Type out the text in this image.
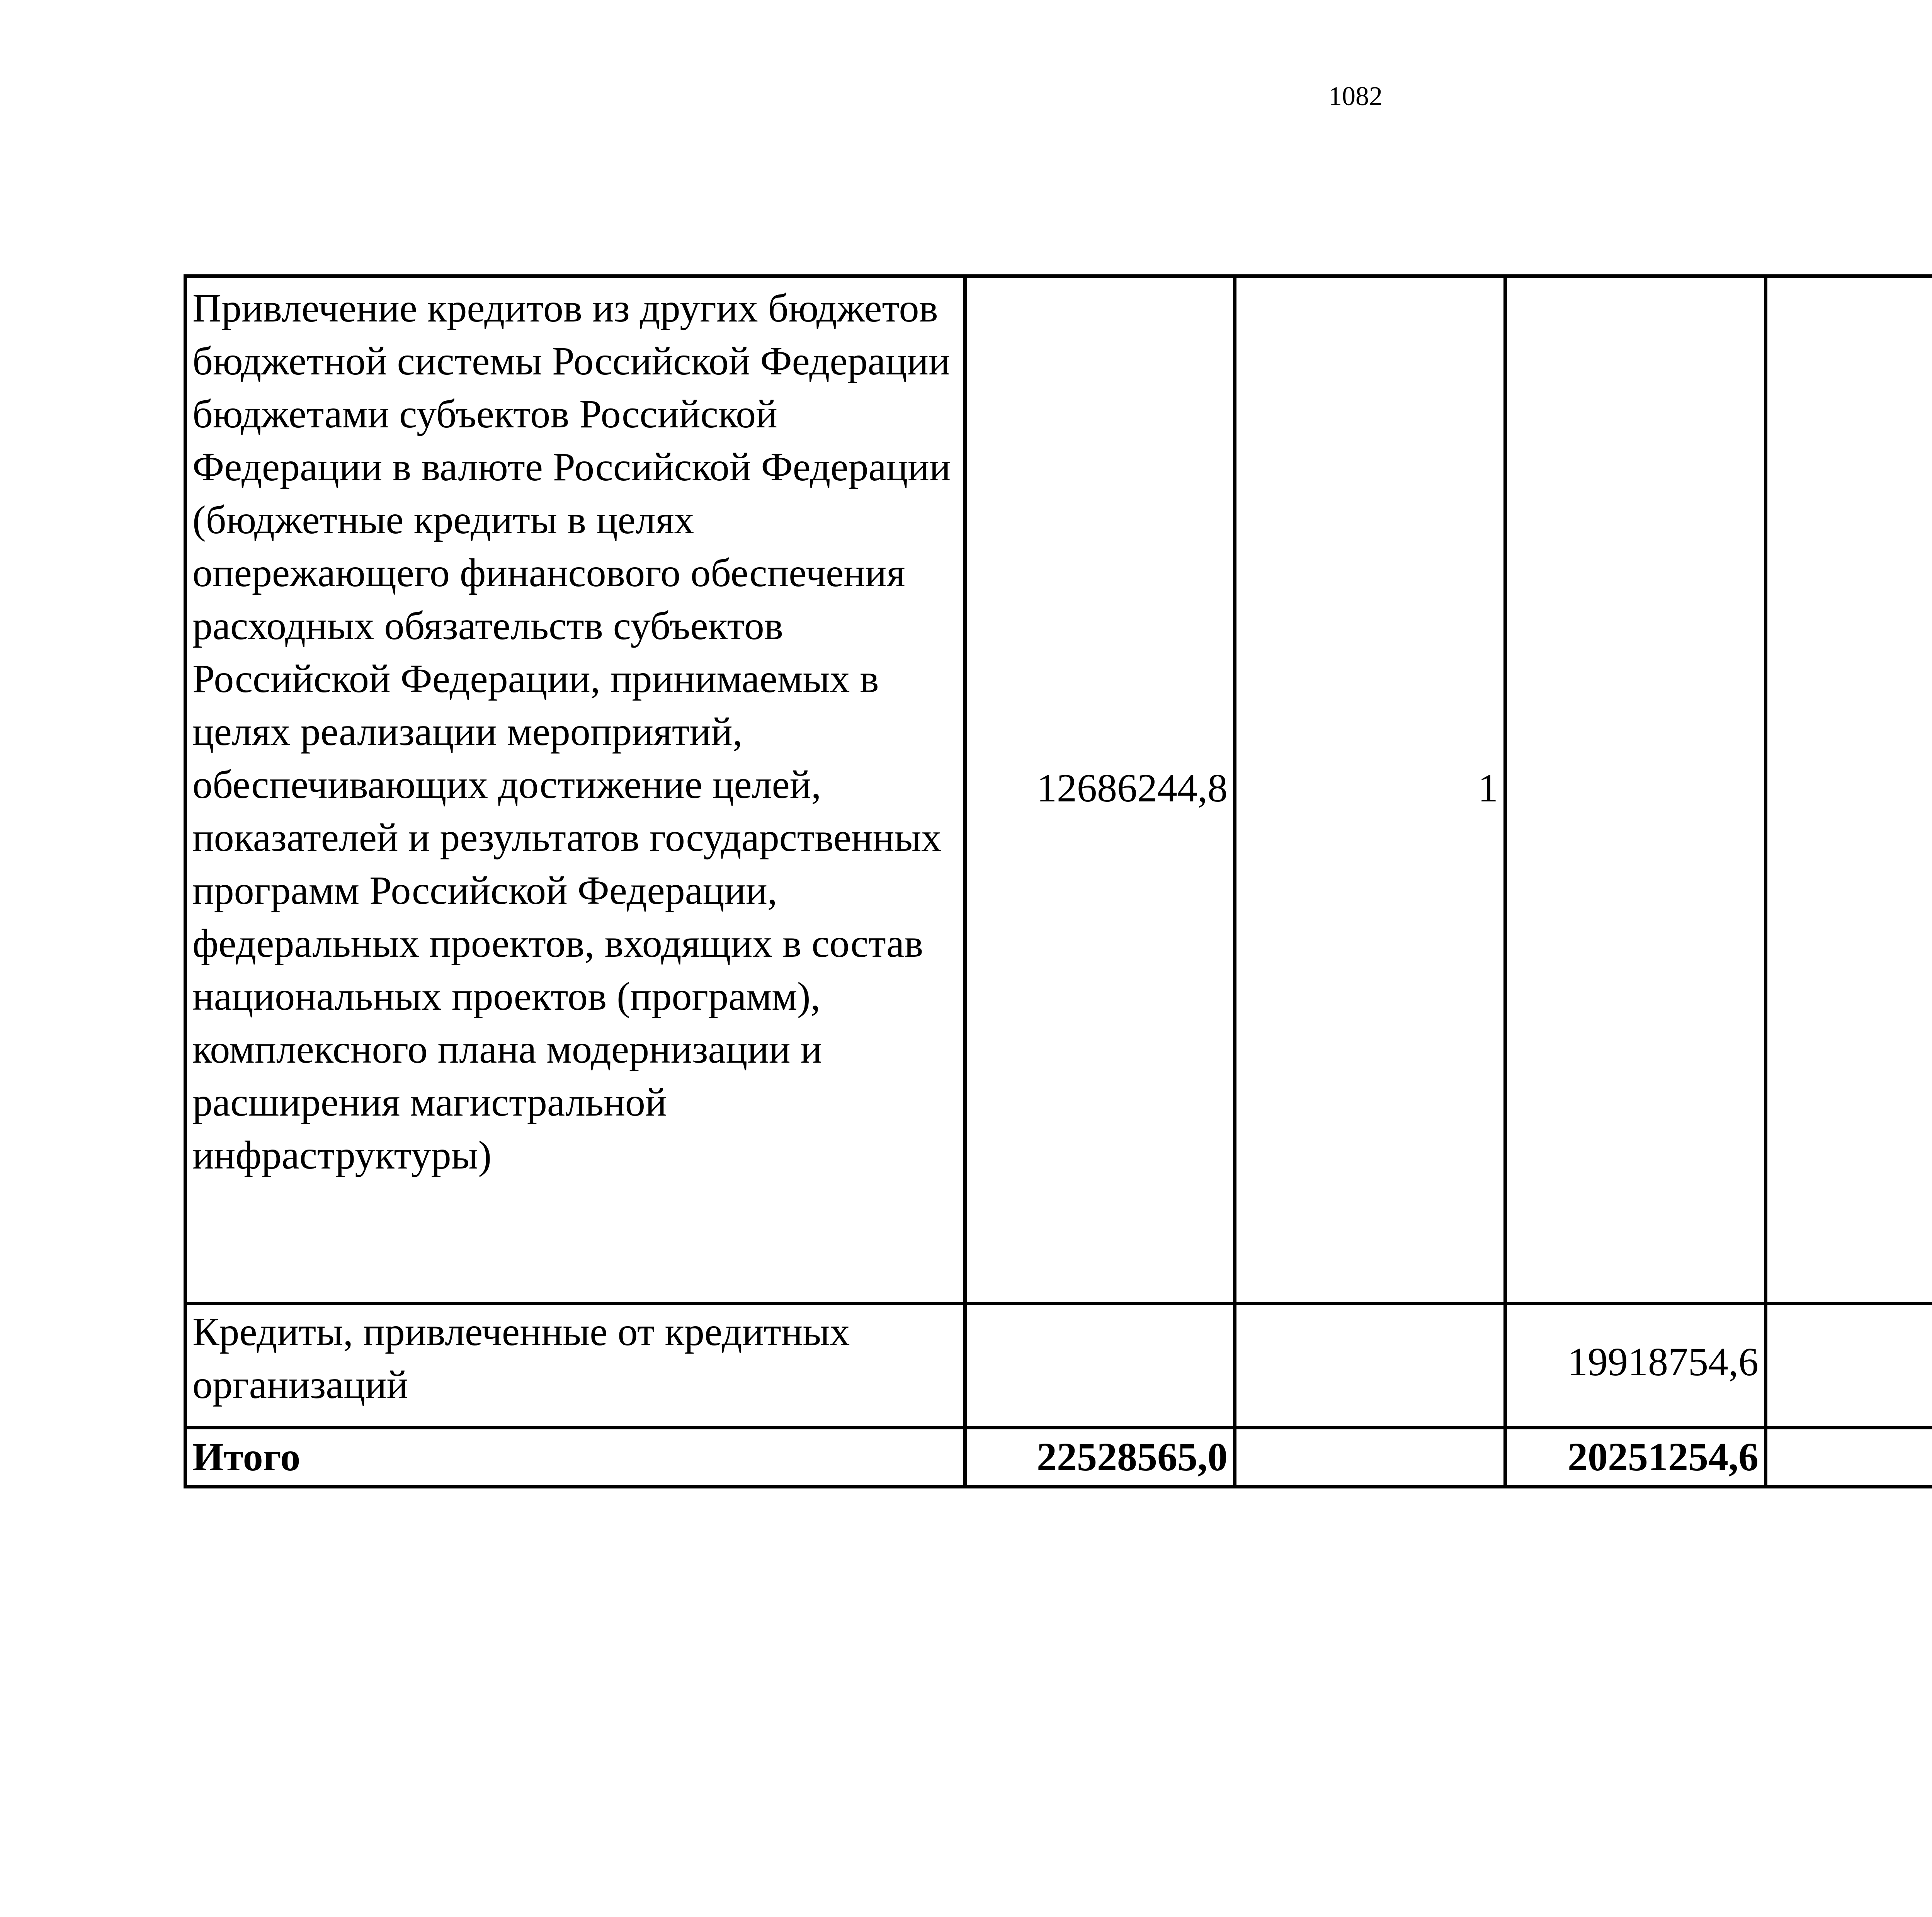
1082
Привлечение кредитов из других бюджетов бюджетной системы Российской Федерации бюджетами субъектов Российской Федерации в валюте Российской Федерации (бюджетные кредиты в целях опережающего финансового обеспечения расходных обязательств субъектов Российской Федерации, принимаемых в целях реализации мероприятий, обеспечивающих достижение целей, показателей и результатов государственных программ Российской Федерации, федеральных проектов, входящих в состав национальных проектов (программ), комплексного плана модернизации и расширения магистральной инфраструктуры)	12686244,8	1				
Кредиты, привлеченные от кредитных организаций			19918754,6			
Итого	22528565,0		20251254,6			
